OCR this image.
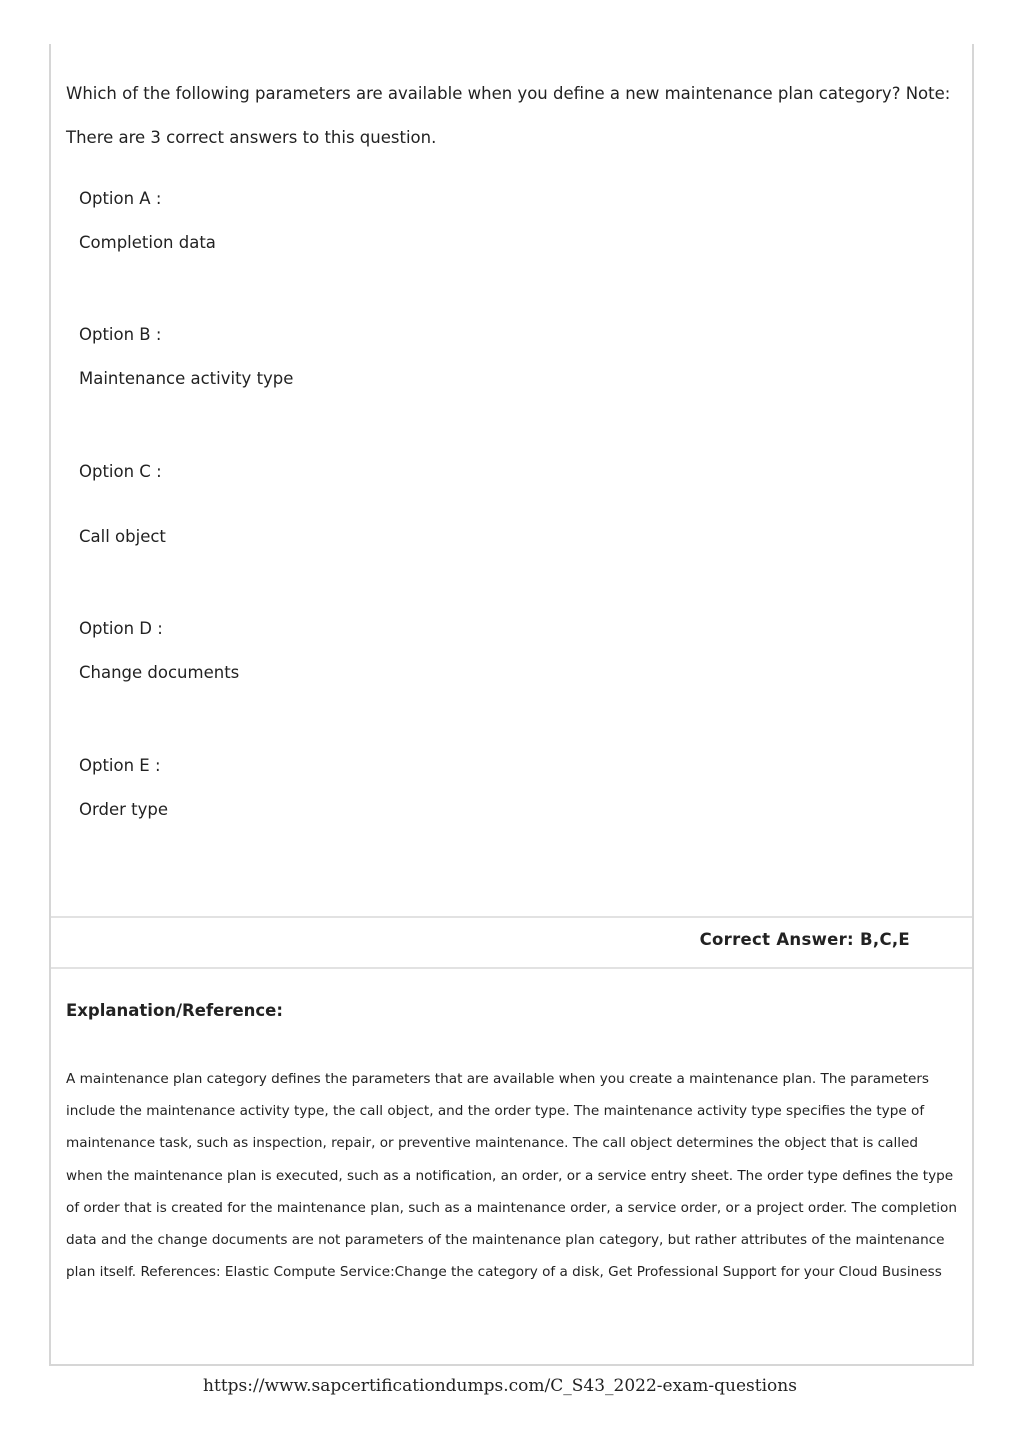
Which of the following parameters are available when you define a new maintenance plan category? Note: There are 3 correct answers to this question.

Option A :

Completion data

Option B :

Maintenance activity type

Option C :

Call object

Option D :

Change documents

Option E :

Order type

Correct Answer: B,C,E

Explanation/Reference:

A maintenance plan category defines the parameters that are available when you create a maintenance plan. The parameters include the maintenance activity type, the call object, and the order type. The maintenance activity type specifies the type of maintenance task, such as inspection, repair, or preventive maintenance. The call object determines the object that is called when the maintenance plan is executed, such as a notification, an order, or a service entry sheet. The order type defines the type of order that is created for the maintenance plan, such as a maintenance order, a service order, or a project order. The completion data and the change documents are not parameters of the maintenance plan category, but rather attributes of the maintenance plan itself. References: Elastic Compute Service:Change the category of a disk, Get Professional Support for your Cloud Business

https://www.sapcertificationdumps.com/C_S43_2022-exam-questions
